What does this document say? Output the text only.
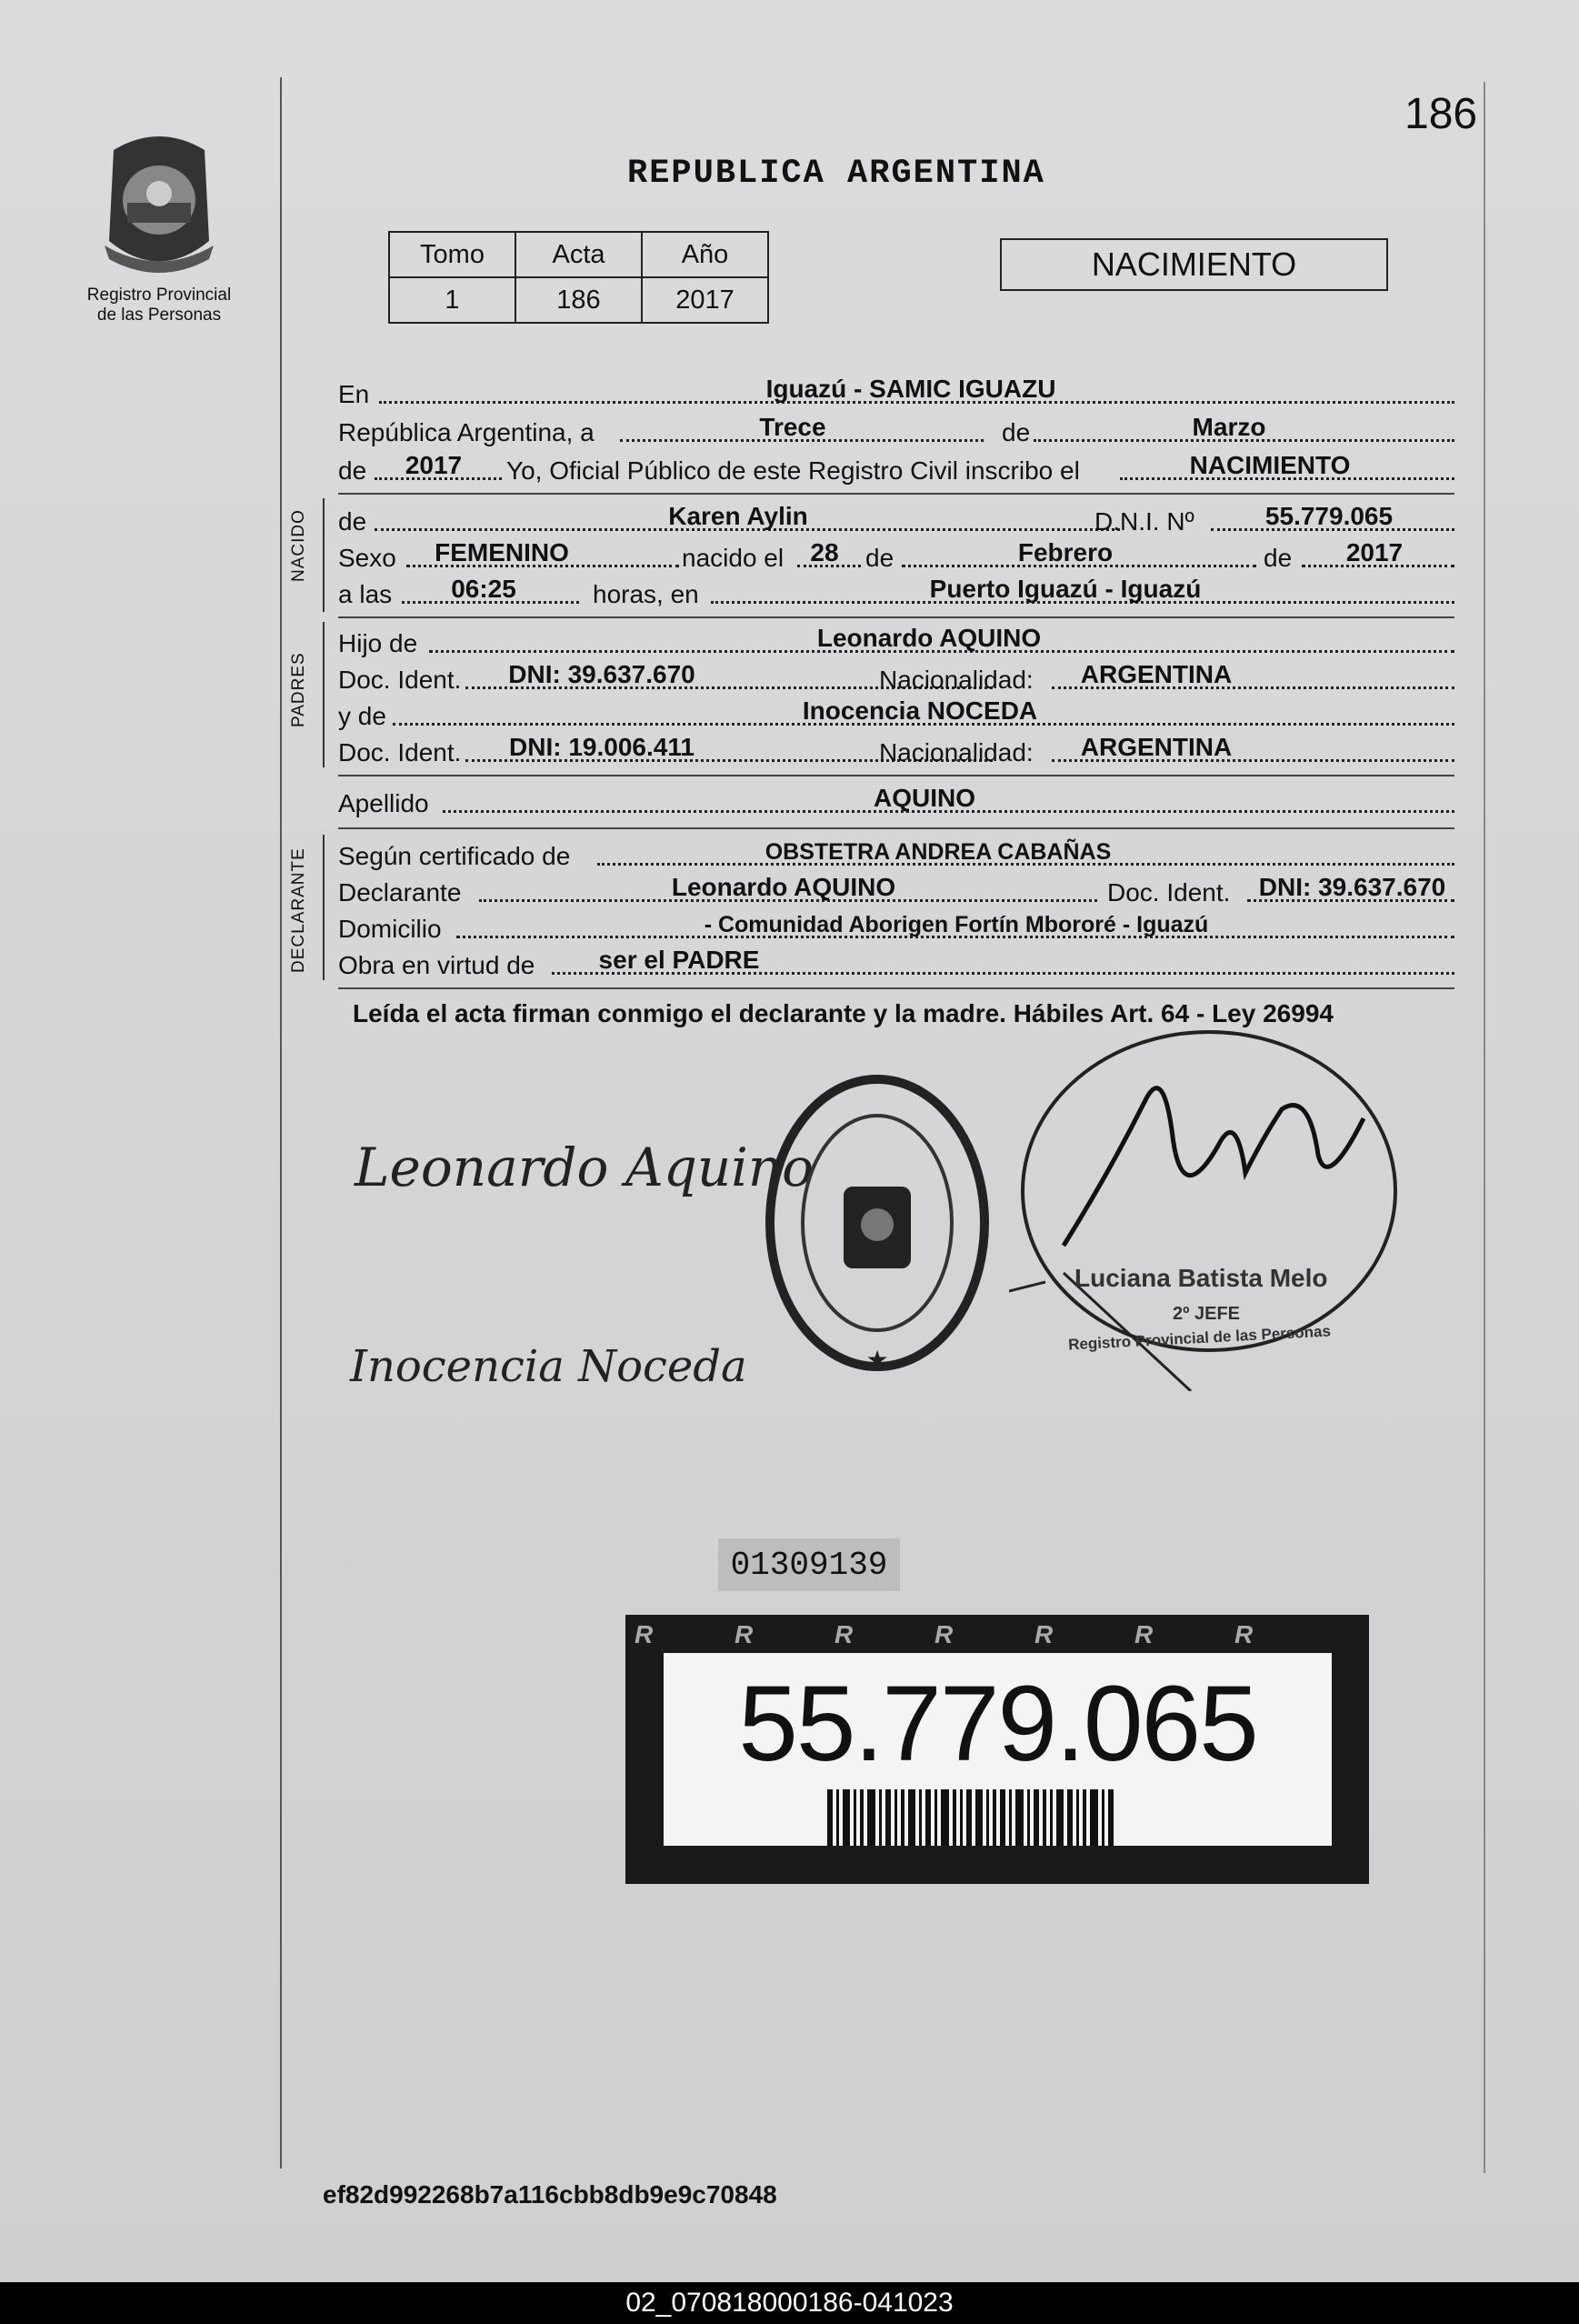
186
Registro Provincial
de las Personas
REPUBLICA ARGENTINA
Tomo	Acta	Año
1	186	2017
NACIMIENTO
En	Iguazú - SAMIC IGUAZU
República Argentina, a	Trece	de	Marzo
de	2017	Yo, Oficial Público de este Registro Civil inscribo el	NACIMIENTO
NACIDO de	Karen Aylin	D.N.I. Nº	55.779.065
Sexo	FEMENINO	nacido el	28	de	Febrero	de	2017
a las	06:25	horas, en	Puerto Iguazú - Iguazú
PADRES
Hijo de	Leonardo AQUINO
Doc. Ident.	DNI: 39.637.670	Nacionalidad:	ARGENTINA
y de	Inocencia NOCEDA
Doc. Ident.	DNI: 19.006.411	Nacionalidad:	ARGENTINA
Apellido	AQUINO
DECLARANTE Según certificado de	OBSTETRA ANDREA CABAÑAS
Declarante	Leonardo AQUINO	Doc. Ident.	DNI: 39.637.670
Domicilio	- Comunidad Aborigen Fortín Mbororé - Iguazú
Obra en virtud de	ser el PADRE
Leída el acta firman conmigo el declarante y la madre. Hábiles Art. 64 - Ley 26994
Leonardo Aquino
Inocencia Noceda	★
Luciana Batista Melo
2º JEFE
Registro Provincial de las Personas
01309139
R	R	R	R	R	R	R
55.779.065
ef82d992268b7a116cbb8db9e9c70848
02_070818000186-041023
